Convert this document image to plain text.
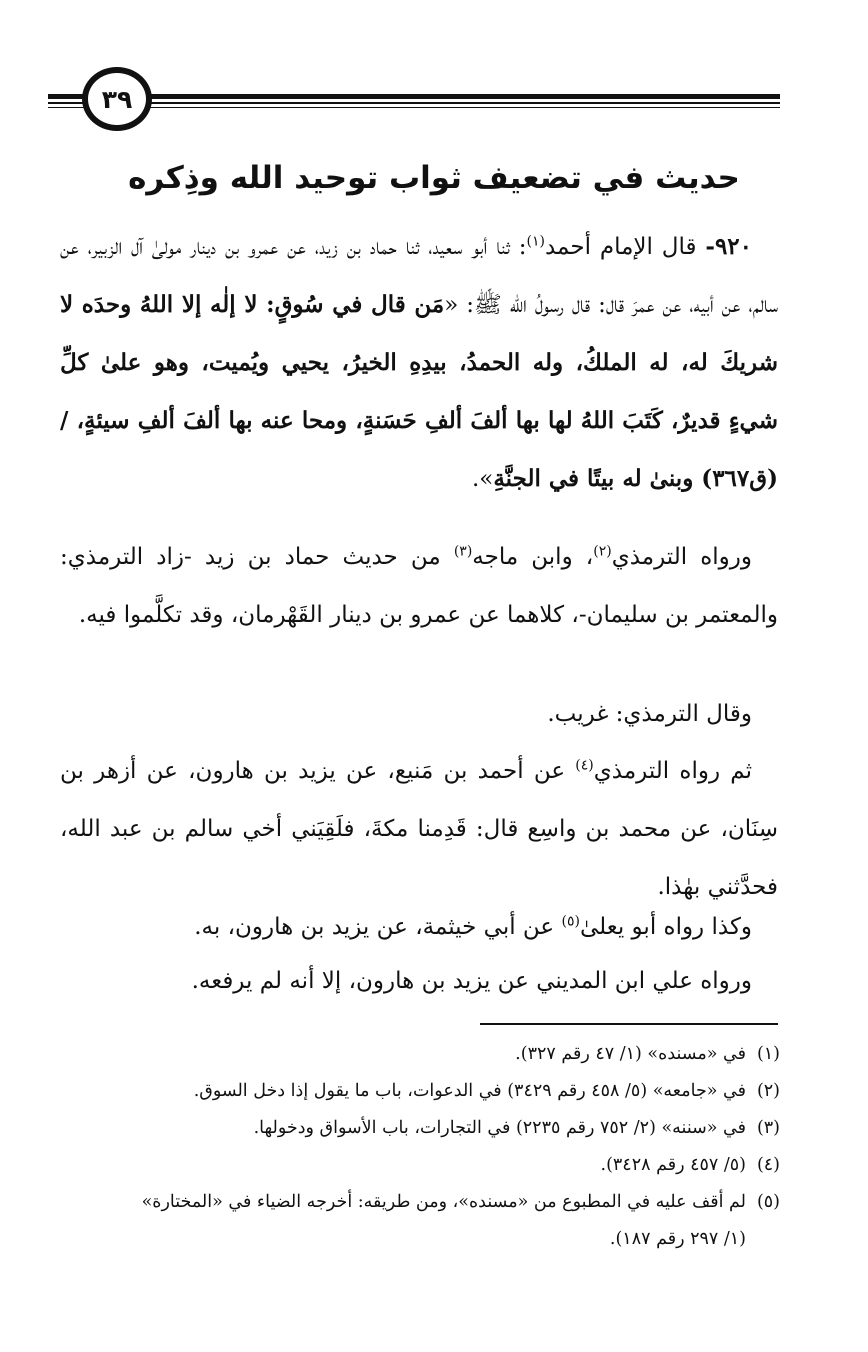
٣٩
حديث في تضعيف ثواب توحيد الله وذِكره

٩٢٠- قال الإمام أحمد$^{(١)}$: ثنا أبو سعيد، ثنا حماد بن زيد، عن عمرو بن دينار مولىٰ آل الزبير، عن سالم، عن أبيه، عن عمرَ قال: قال رسولُ الله ﷺ: «مَن قال في سُوقٍ: لا إلٰه إلا اللهُ وحدَه لا شريكَ له، له الملكُ، وله الحمدُ، بيدِهِ الخيرُ، يحيي ويُميت، وهو علىٰ كلِّ شيءٍ قديرٌ، كَتَبَ اللهُ لها بها ألفَ ألفِ حَسَنةٍ، ومحا عنه بها ألفَ ألفِ سيئةٍ، / (ق٣٦٧) وبنىٰ له بيتًا في الجنَّةِ».

ورواه الترمذي$^{(٢)}$، وابن ماجه$^{(٣)}$ من حديث حماد بن زيد -زاد الترمذي: والمعتمر بن سليمان-، كلاهما عن عمرو بن دينار القَهْرمان، وقد تكلَّموا فيه.

وقال الترمذي: غريب.

ثم رواه الترمذي$^{(٤)}$ عن أحمد بن مَنيع، عن يزيد بن هارون، عن أزهر بن سِنَان، عن محمد بن واسِع قال: قَدِمنا مكةَ، فلَقِيَني أخي سالم بن عبد الله، فحدَّثني بهٰذا.

وكذا رواه أبو يعلىٰ$^{(٥)}$ عن أبي خيثمة، عن يزيد بن هارون، به.

ورواه علي ابن المديني عن يزيد بن هارون، إلا أنه لم يرفعه.

(١)في «مسنده» (١/ ٤٧ رقم ٣٢٧).

(٢)في «جامعه» (٥/ ٤٥٨ رقم ٣٤٢٩) في الدعوات، باب ما يقول إذا دخل السوق.

(٣)في «سننه» (٢/ ٧٥٢ رقم ٢٢٣٥) في التجارات، باب الأسواق ودخولها.

(٤)(٥/ ٤٥٧ رقم ٣٤٢٨).

(٥)لم أقف عليه في المطبوع من «مسنده»، ومن طريقه: أخرجه الضياء في «المختارة»

(١/ ٢٩٧ رقم ١٨٧).
